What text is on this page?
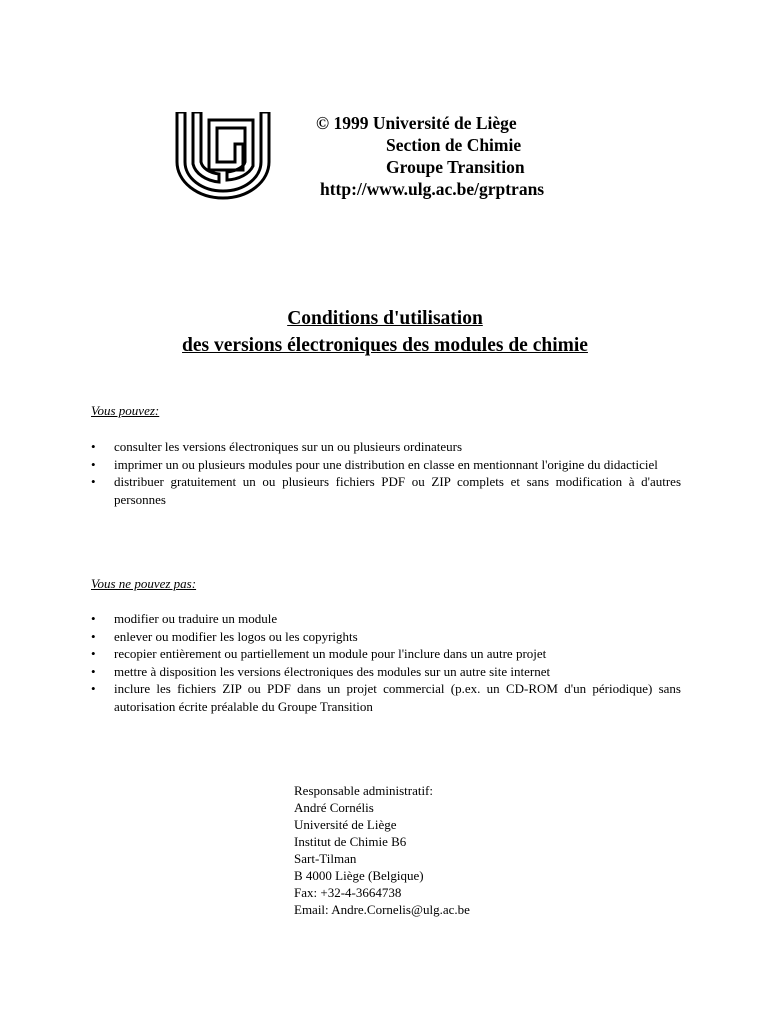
© 1999 Université de Liège
Section de Chimie
Groupe Transition
http://www.ulg.ac.be/grptrans
Conditions d'utilisation
des versions électroniques des modules de chimie
Vous pouvez:
• consulter les versions électroniques sur un ou plusieurs ordinateurs
• imprimer un ou plusieurs modules pour une distribution en classe en mentionnant l'origine du didacticiel
• distribuer gratuitement un ou plusieurs fichiers PDF ou ZIP complets et sans modification à d'autres personnes
Vous ne pouvez pas:
• modifier ou traduire un module
• enlever ou modifier les logos ou les copyrights
• recopier entièrement ou partiellement un module pour l'inclure dans un autre projet
• mettre à disposition les versions électroniques des modules sur un autre site internet
• inclure les fichiers ZIP ou PDF dans un projet commercial (p.ex. un CD-ROM d'un périodique) sans autorisation écrite préalable du Groupe Transition
Responsable administratif:
André Cornélis
Université de Liège
Institut de Chimie B6
Sart-Tilman
B 4000 Liège (Belgique)
Fax: +32-4-3664738
Email: Andre.Cornelis@ulg.ac.be
